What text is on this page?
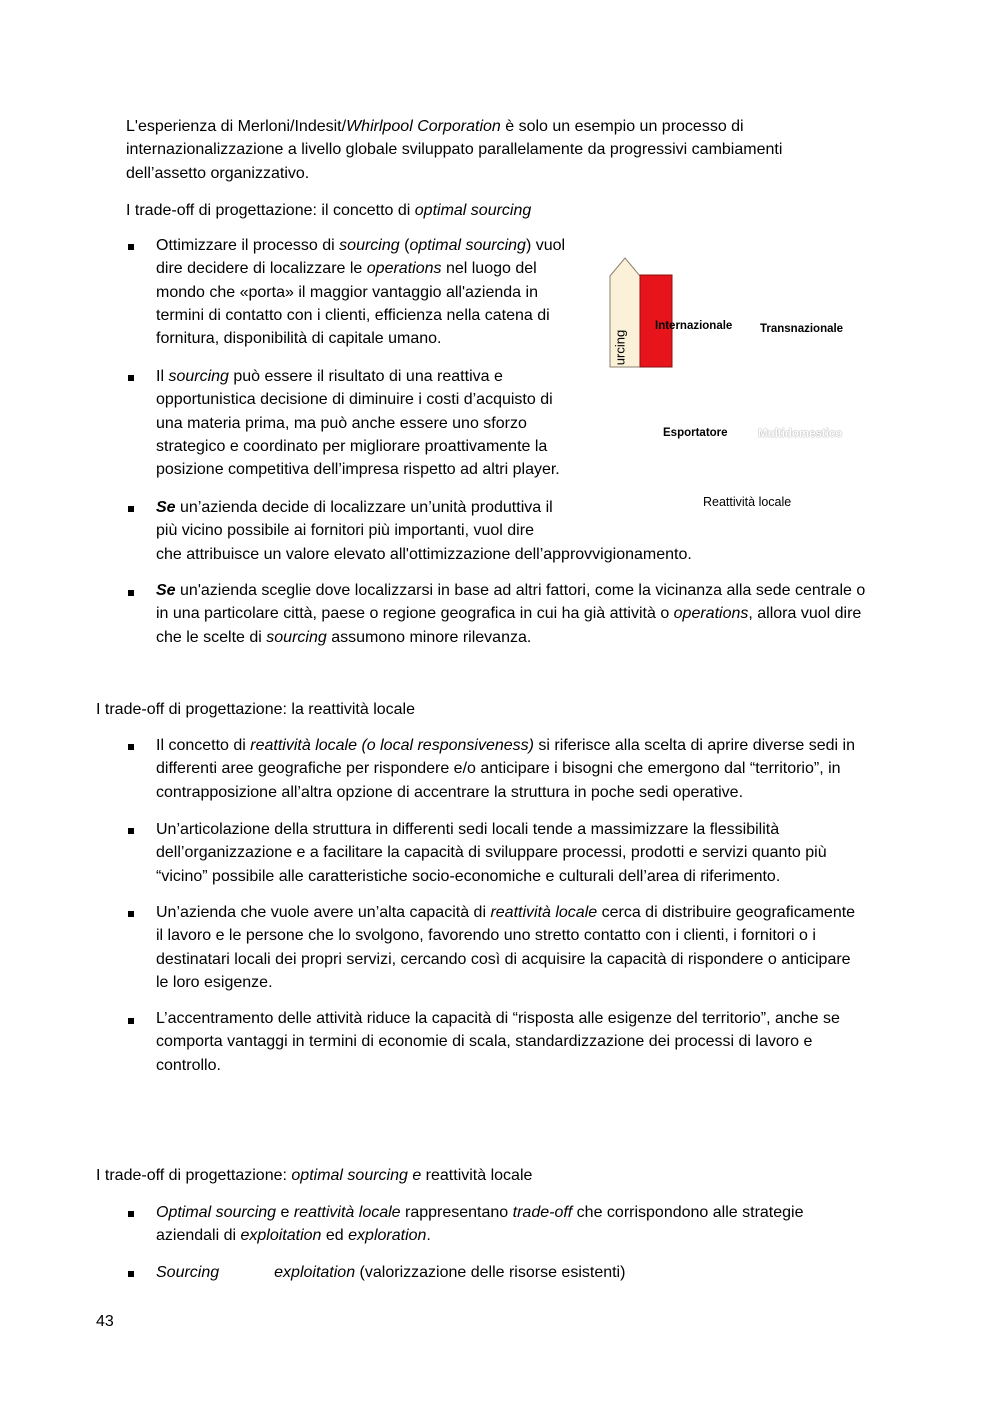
L'esperienza di Merloni/Indesit/Whirlpool Corporation è solo un esempio un processo di
internazionalizzazione a livello globale sviluppato parallelamente da progressivi cambiamenti
dell’assetto organizzativo.
I trade-off di progettazione: il concetto di optimal sourcing
Ottimizzare il processo di sourcing (optimal sourcing) vuol
dire decidere di localizzare le operations nel luogo del
mondo che «porta» il maggior vantaggio all'azienda in
termini di contatto con i clienti, efficienza nella catena di
fornitura, disponibilità di capitale umano.
Il sourcing può essere il risultato di una reattiva e
opportunistica decisione di diminuire i costi d’acquisto di
una materia prima, ma può anche essere uno sforzo
strategico e coordinato per migliorare proattivamente la
posizione competitiva dell’impresa rispetto ad altri player.
Se un’azienda decide di localizzare un’unità produttiva il
più vicino possibile ai fornitori più importanti, vuol dire
che attribuisce un valore elevato all'ottimizzazione dell’approvvigionamento.
Se un'azienda sceglie dove localizzarsi in base ad altri fattori, come la vicinanza alla sede centrale o
in una particolare città, paese o regione geografica in cui ha già attività o operations, allora vuol dire
che le scelte di sourcing assumono minore rilevanza.
urcing
Internazionale Transnazionale
Esportatore	Multidomestico
Reattività locale
I trade-off di progettazione: la reattività locale
Il concetto di reattività locale (o local responsiveness) si riferisce alla scelta di aprire diverse sedi in
differenti aree geografiche per rispondere e/o anticipare i bisogni che emergono dal “territorio”, in
contrapposizione all’altra opzione di accentrare la struttura in poche sedi operative.
Un’articolazione della struttura in differenti sedi locali tende a massimizzare la flessibilità
dell’organizzazione e a facilitare la capacità di sviluppare processi, prodotti e servizi quanto più
“vicino” possibile alle caratteristiche socio-economiche e culturali dell’area di riferimento.
Un’azienda che vuole avere un’alta capacità di reattività locale cerca di distribuire geograficamente
il lavoro e le persone che lo svolgono, favorendo uno stretto contatto con i clienti, i fornitori o i
destinatari locali dei propri servizi, cercando così di acquisire la capacità di rispondere o anticipare
le loro esigenze.
L’accentramento delle attività riduce la capacità di “risposta alle esigenze del territorio”, anche se
comporta vantaggi in termini di economie di scala, standardizzazione dei processi di lavoro e
controllo.
I trade-off di progettazione: optimal sourcing e reattività locale
Optimal sourcing e reattività locale rappresentano trade-off che corrispondono alle strategie
aziendali di exploitation ed exploration.
Sourcing	exploitation (valorizzazione delle risorse esistenti)
43
